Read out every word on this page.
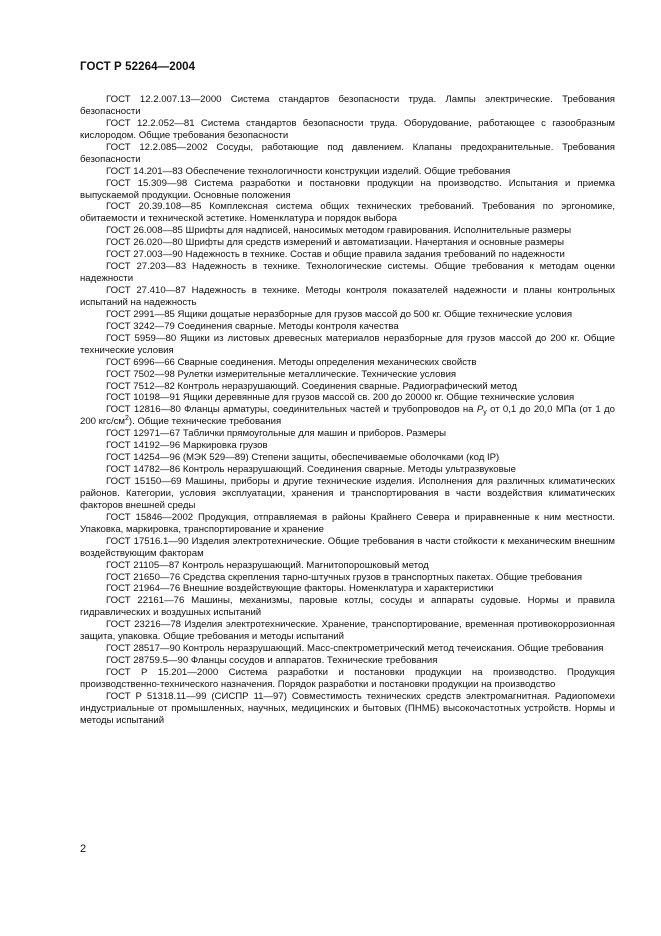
ГОСТ Р 52264—2004

ГОСТ 12.2.007.13—2000 Система стандартов безопасности труда. Лампы электрические. Требования безопасности

ГОСТ 12.2.052—81 Система стандартов безопасности труда. Оборудование, работающее с газообразным кислородом. Общие требования безопасности

ГОСТ 12.2.085—2002 Сосуды, работающие под давлением. Клапаны предохранительные. Требования безопасности

ГОСТ 14.201—83 Обеспечение технологичности конструкции изделий. Общие требования

ГОСТ 15.309—98 Система разработки и постановки продукции на производство. Испытания и приемка выпускаемой продукции. Основные положения

ГОСТ 20.39.108—85 Комплексная система общих технических требований. Требования по эргономике, обитаемости и технической эстетике. Номенклатура и порядок выбора

ГОСТ 26.008—85 Шрифты для надписей, наносимых методом гравирования. Исполнительные размеры

ГОСТ 26.020—80 Шрифты для средств измерений и автоматизации. Начертания и основные размеры

ГОСТ 27.003—90 Надежность в технике. Состав и общие правила задания требований по надежности

ГОСТ 27.203—83 Надежность в технике. Технологические системы. Общие требования к методам оценки надежности

ГОСТ 27.410—87 Надежность в технике. Методы контроля показателей надежности и планы контрольных испытаний на надежность

ГОСТ 2991—85 Ящики дощатые неразборные для грузов массой до 500 кг. Общие технические условия

ГОСТ 3242—79 Соединения сварные. Методы контроля качества

ГОСТ 5959—80 Ящики из листовых древесных материалов неразборные для грузов массой до 200 кг. Общие технические условия

ГОСТ 6996—66 Сварные соединения. Методы определения механических свойств

ГОСТ 7502—98 Рулетки измерительные металлические. Технические условия

ГОСТ 7512—82 Контроль неразрушающий. Соединения сварные. Радиографический метод

ГОСТ 10198—91 Ящики деревянные для грузов массой св. 200 до 20000 кг. Общие технические условия

ГОСТ 12816—80 Фланцы арматуры, соединительных частей и трубопроводов на $P_y$ от 0,1 до 20,0 МПа (от 1 до 200 кгс/$см^2$). Общие технические требования

ГОСТ 12971—67 Таблички прямоугольные для машин и приборов. Размеры

ГОСТ 14192—96 Маркировка грузов

ГОСТ 14254—96 (МЭК 529—89) Степени защиты, обеспечиваемые оболочками (код IP)

ГОСТ 14782—86 Контроль неразрушающий. Соединения сварные. Методы ультразвуковые

ГОСТ 15150—69 Машины, приборы и другие технические изделия. Исполнения для различных климатических районов. Категории, условия эксплуатации, хранения и транспортирования в части воздействия климатических факторов внешней среды

ГОСТ 15846—2002 Продукция, отправляемая в районы Крайнего Севера и приравненные к ним местности. Упаковка, маркировка, транспортирование и хранение

ГОСТ 17516.1—90 Изделия электротехнические. Общие требования в части стойкости к механическим внешним воздействующим факторам

ГОСТ 21105—87 Контроль неразрушающий. Магнитопорошковый метод

ГОСТ 21650—76 Средства скрепления тарно-штучных грузов в транспортных пакетах. Общие требования

ГОСТ 21964—76 Внешние воздействующие факторы. Номенклатура и характеристики

ГОСТ 22161—76 Машины, механизмы, паровые котлы, сосуды и аппараты судовые. Нормы и правила гидравлических и воздушных испытаний

ГОСТ 23216—78 Изделия электротехнические. Хранение, транспортирование, временная противокоррозионная защита, упаковка. Общие требования и методы испытаний

ГОСТ 28517—90 Контроль неразрушающий. Масс-спектрометрический метод течеискания. Общие требования

ГОСТ 28759.5—90 Фланцы сосудов и аппаратов. Технические требования

ГОСТ Р 15.201—2000 Система разработки и постановки продукции на производство. Продукция производственно-технического назначения. Порядок разработки и постановки продукции на производство

ГОСТ Р 51318.11—99 (СИСПР 11—97) Совместимость технических средств электромагнитная. Радиопомехи индустриальные от промышленных, научных, медицинских и бытовых (ПНМБ) высокочастотных устройств. Нормы и методы испытаний

2
